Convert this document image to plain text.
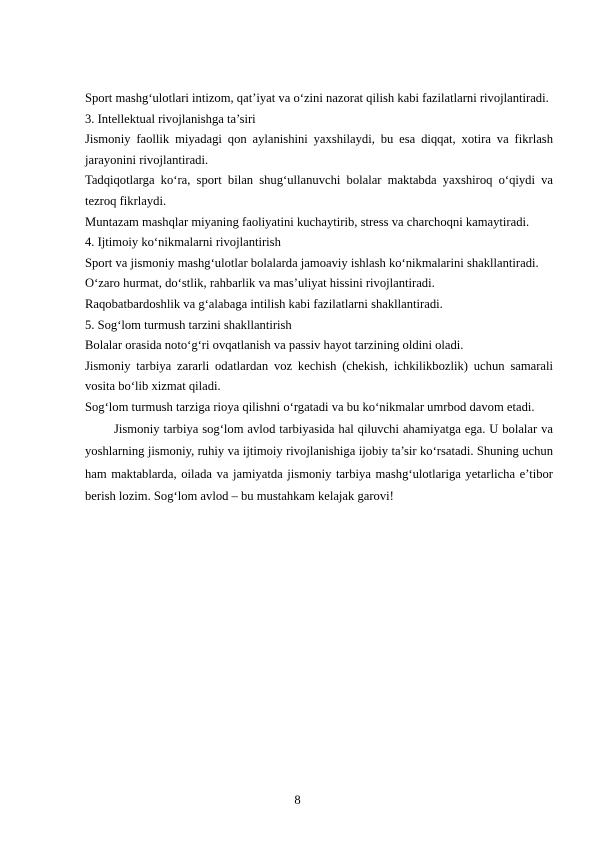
Sport mashg‘ulotlari intizom, qat’iyat va o‘zini nazorat qilish kabi fazilatlarni rivojlantiradi.

3. Intellektual rivojlanishga ta’siri

Jismoniy faollik miyadagi qon aylanishini yaxshilaydi, bu esa diqqat, xotira va fikrlash jarayonini rivojlantiradi.

Tadqiqotlarga ko‘ra, sport bilan shug‘ullanuvchi bolalar maktabda yaxshiroq o‘qiydi va tezroq fikrlaydi.

Muntazam mashqlar miyaning faoliyatini kuchaytirib, stress va charchoqni kamaytiradi.

4. Ijtimoiy ko‘nikmalarni rivojlantirish

Sport va jismoniy mashg‘ulotlar bolalarda jamoaviy ishlash ko‘nikmalarini shakllantiradi.

O‘zaro hurmat, do‘stlik, rahbarlik va mas’uliyat hissini rivojlantiradi.

Raqobatbardoshlik va g‘alabaga intilish kabi fazilatlarni shakllantiradi.

5. Sog‘lom turmush tarzini shakllantirish

Bolalar orasida noto‘g‘ri ovqatlanish va passiv hayot tarzining oldini oladi.

Jismoniy tarbiya zararli odatlardan voz kechish (chekish, ichkilikbozlik) uchun samarali vosita bo‘lib xizmat qiladi.

Sog‘lom turmush tarziga rioya qilishni o‘rgatadi va bu ko‘nikmalar umrbod davom etadi.

Jismoniy tarbiya sog‘lom avlod tarbiyasida hal qiluvchi ahamiyatga ega. U bolalar va yoshlarning jismoniy, ruhiy va ijtimoiy rivojlanishiga ijobiy ta’sir ko‘rsatadi. Shuning uchun ham maktablarda, oilada va jamiyatda jismoniy tarbiya mashg‘ulotlariga yetarlicha e’tibor berish lozim. Sog‘lom avlod – bu mustahkam kelajak garovi!

8
